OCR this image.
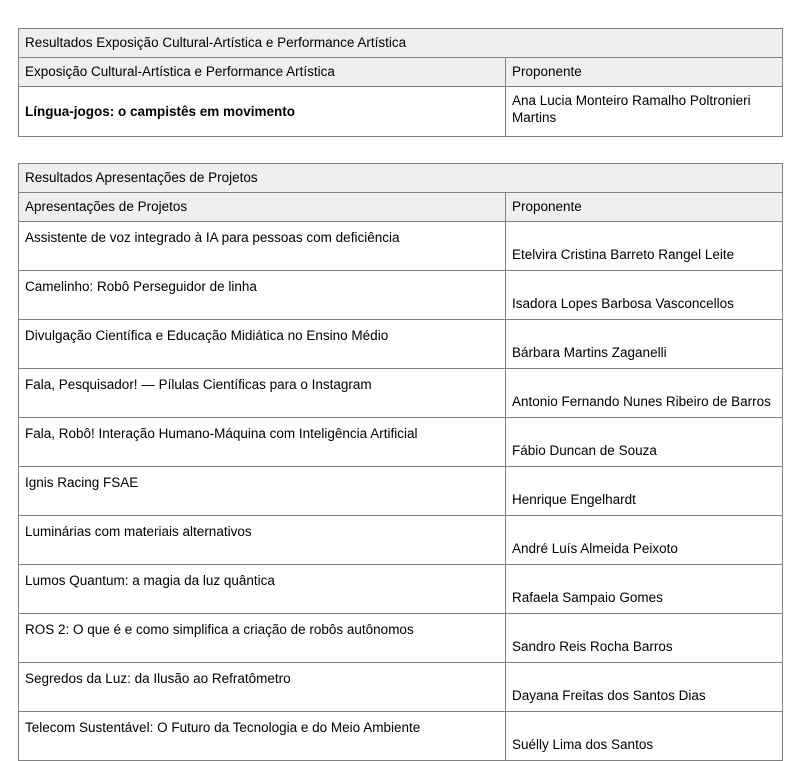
Resultados Exposição Cultural-Artística e Performance Artística	
Exposição Cultural-Artística e Performance Artística	Proponente
Língua-jogos: o campistês em movimento	Ana Lucia Monteiro Ramalho Poltronieri Martins
Resultados Apresentações de Projetos	
Apresentações de Projetos	Proponente
Assistente de voz integrado à IA para pessoas com deficiência	Etelvira Cristina Barreto Rangel Leite
Camelinho: Robô Perseguidor de linha	Isadora Lopes Barbosa Vasconcellos
Divulgação Científica e Educação Midiática no Ensino Médio	Bárbara Martins Zaganelli
Fala, Pesquisador! — Pílulas Científicas para o Instagram	Antonio Fernando Nunes Ribeiro de Barros
Fala, Robô! Interação Humano-Máquina com Inteligência Artificial	Fábio Duncan de Souza
Ignis Racing FSAE	Henrique Engelhardt
Luminárias com materiais alternativos	André Luís Almeida Peixoto
Lumos Quantum: a magia da luz quântica	Rafaela Sampaio Gomes
ROS 2: O que é e como simplifica a criação de robôs autônomos	Sandro Reis Rocha Barros
Segredos da Luz: da Ilusão ao Refratômetro	Dayana Freitas dos Santos Dias
Telecom Sustentável: O Futuro da Tecnologia e do Meio Ambiente	Suélly Lima dos Santos
